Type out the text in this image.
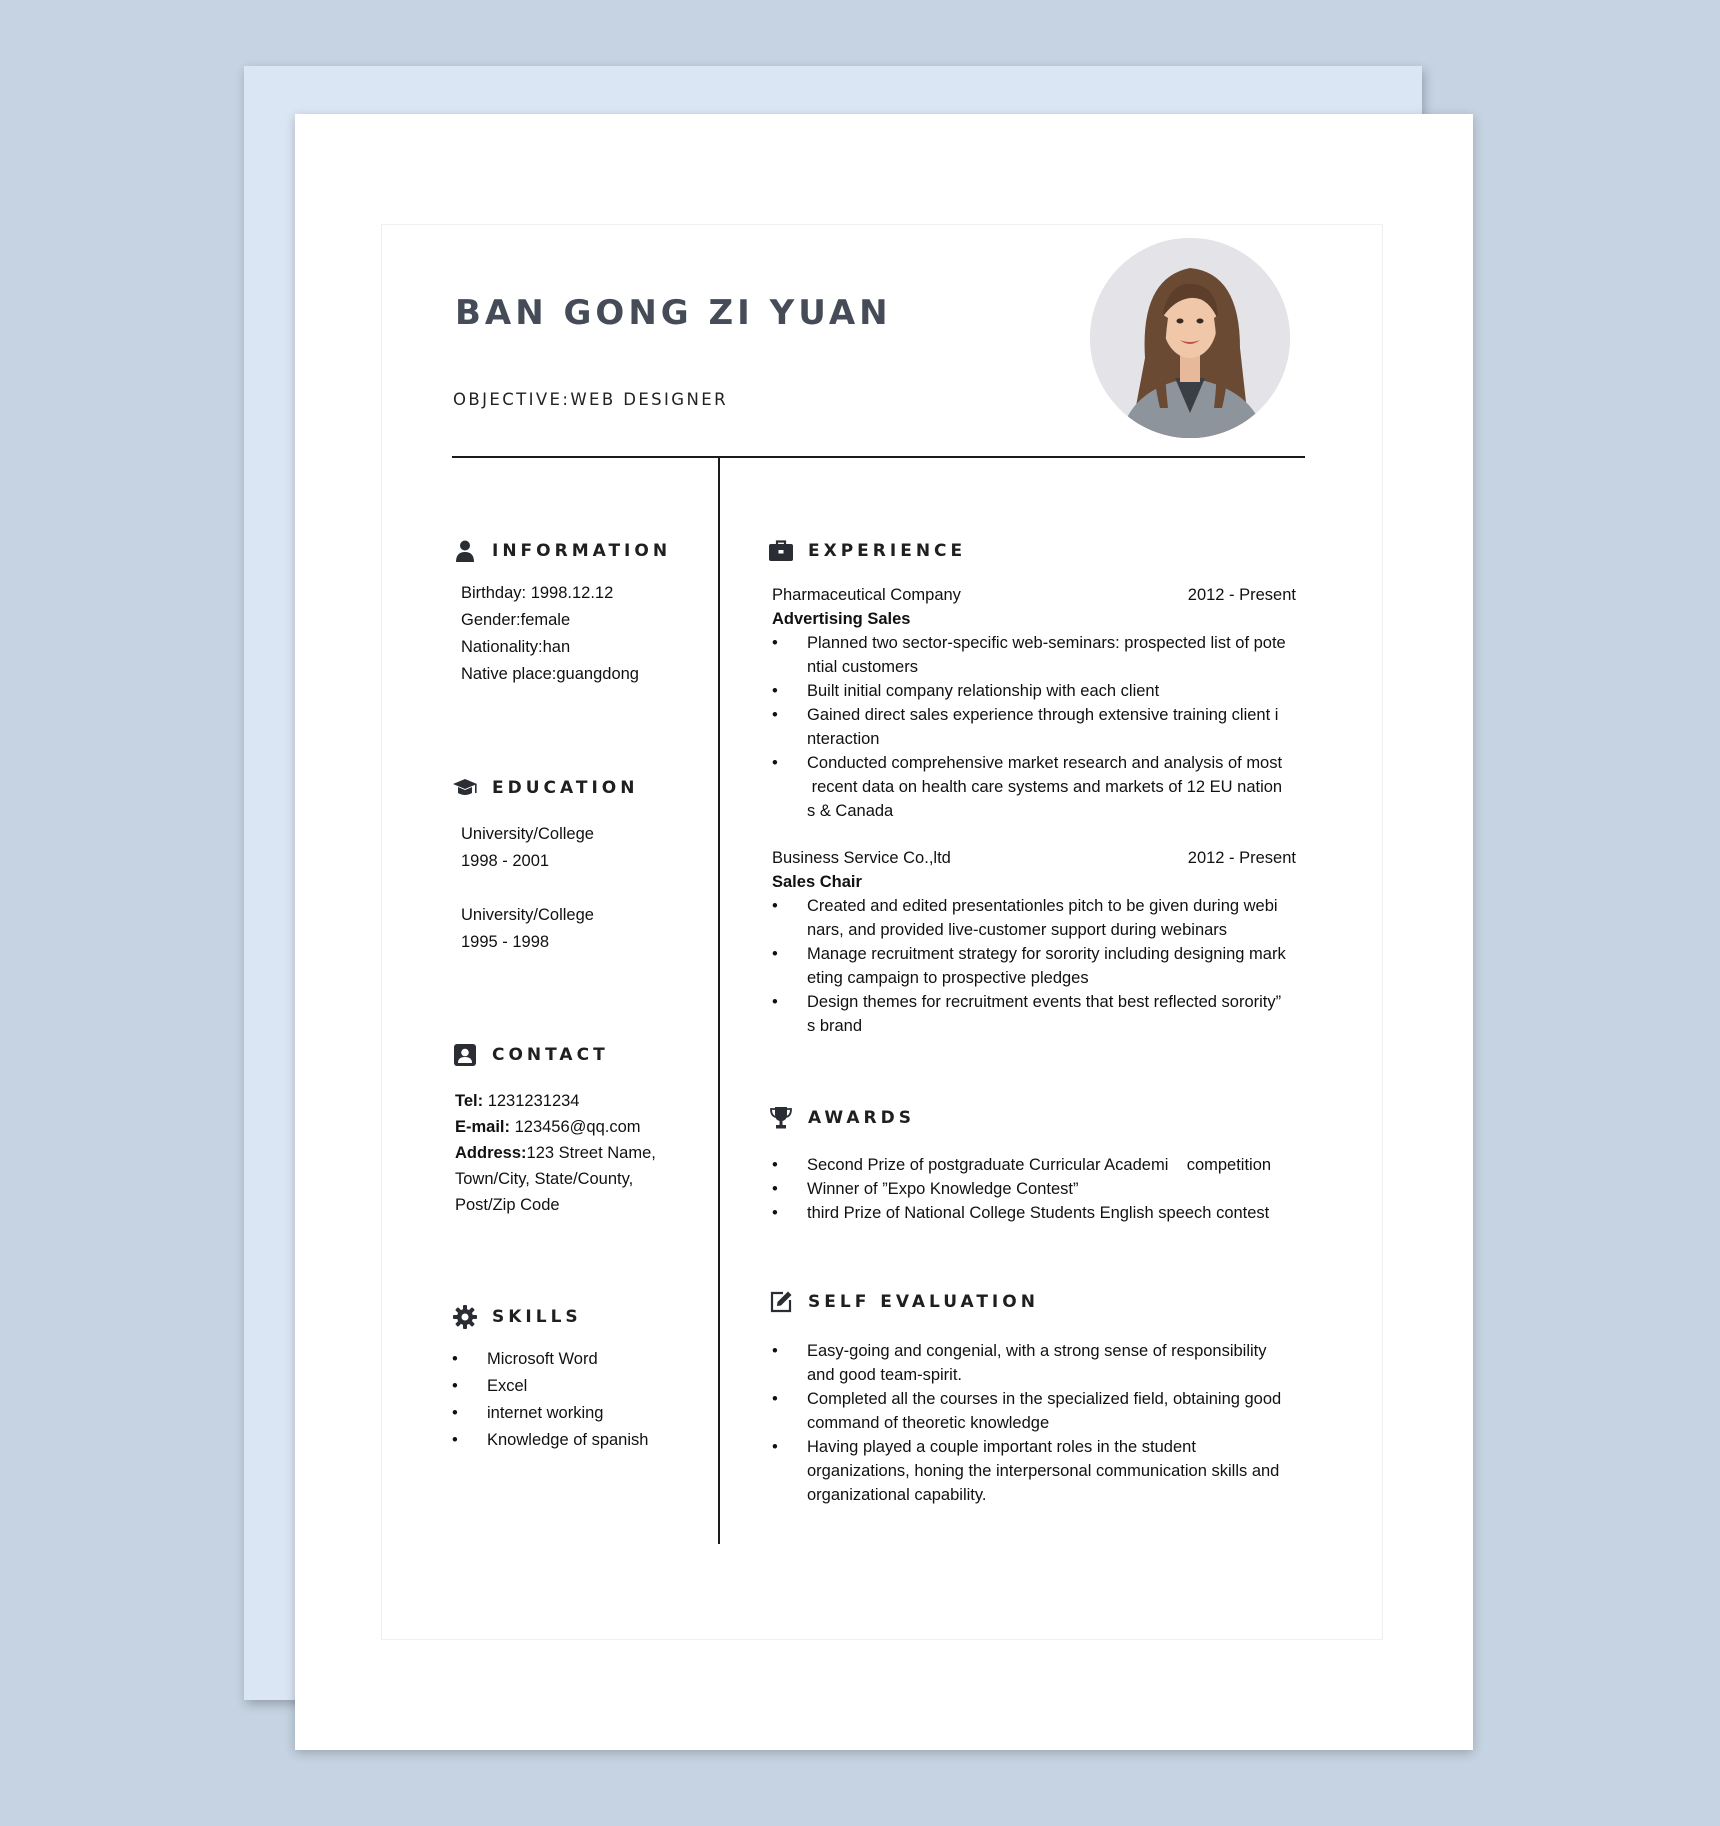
BAN GONG ZI YUAN
OBJECTIVE:WEB DESIGNER
INFORMATION
Birthday: 1998.12.12
Gender:female
Nationality:han
Native place:guangdong
EDUCATION
University/College
1998 - 2001
University/College
1995 - 1998
CONTACT
Tel: 1231231234
E-mail: 123456@qq.com
Address:123 Street Name,
Town/City, State/County,
Post/Zip Code
SKILLS
• Microsoft Word
• Excel
• internet working
• Knowledge of spanish
EXPERIENCE
Pharmaceutical Company	2012 - Present
Advertising Sales
• Planned two sector-specific web-seminars: prospected list of pote
ntial customers
• Built initial company relationship with each client
• Gained direct sales experience through extensive training client i
nteraction
• Conducted comprehensive market research and analysis of most
recent data on health care systems and markets of 12 EU nation
s & Canada
Business Service Co.,ltd	2012 - Present
Sales Chair
• Created and edited presentationles pitch to be given during webi
nars, and provided live-customer support during webinars
• Manage recruitment strategy for sorority including designing mark
eting campaign to prospective pledges
• Design themes for recruitment events that best reflected sorority”
s brand
AWARDS
• Second Prize of postgraduate Curricular Academi    competition
• Winner of ”Expo Knowledge Contest”
• third Prize of National College Students English speech contest
SELF EVALUATION
• Easy-going and congenial, with a strong sense of responsibility
and good team-spirit.
• Completed all the courses in the specialized field, obtaining good
command of theoretic knowledge
• Having played a couple important roles in the student
organizations, honing the interpersonal communication skills and
organizational capability.
